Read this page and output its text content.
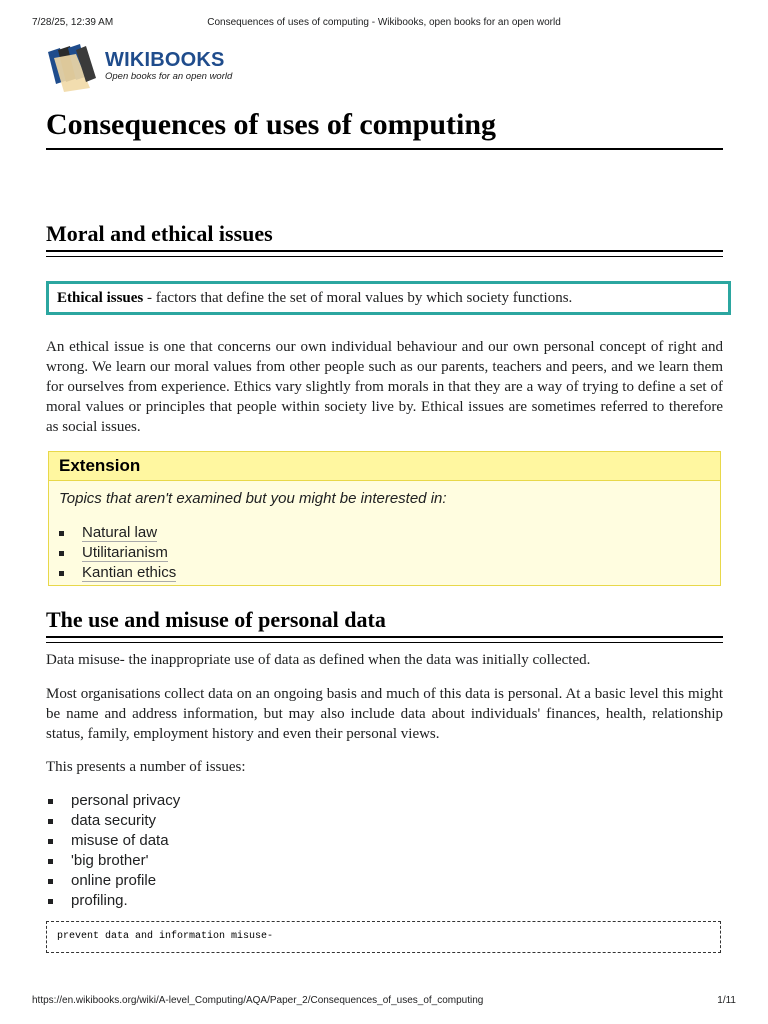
7/28/25, 12:39 AM	Consequences of uses of computing - Wikibooks, open books for an open world
WIKIBOOKS
Open books for an open world
Consequences of uses of computing
Moral and ethical issues
Ethical issues - factors that define the set of moral values by which society functions.

An ethical issue is one that concerns our own individual behaviour and our own personal concept of right and wrong. We learn our moral values from other people such as our parents, teachers and peers, and we learn them for ourselves from experience. Ethics vary slightly from morals in that they are a way of trying to define a set of moral values or principles that people within society live by. Ethical issues are sometimes referred to therefore as social issues.

Extension
Topics that aren't examined but you might be interested in:
Natural law
Utilitarianism
Kantian ethics
The use and misuse of personal data

Data misuse- the inappropriate use of data as defined when the data was initially collected.

Most organisations collect data on an ongoing basis and much of this data is personal. At a basic level this might be name and address information, but may also include data about individuals' finances, health, relationship status, family, employment history and even their personal views.

This presents a number of issues:

personal privacy
data security
misuse of data
'big brother'
online profile
profiling.
prevent data and information misuse-
https://en.wikibooks.org/wiki/A-level_Computing/AQA/Paper_2/Consequences_of_uses_of_computing	1/11
